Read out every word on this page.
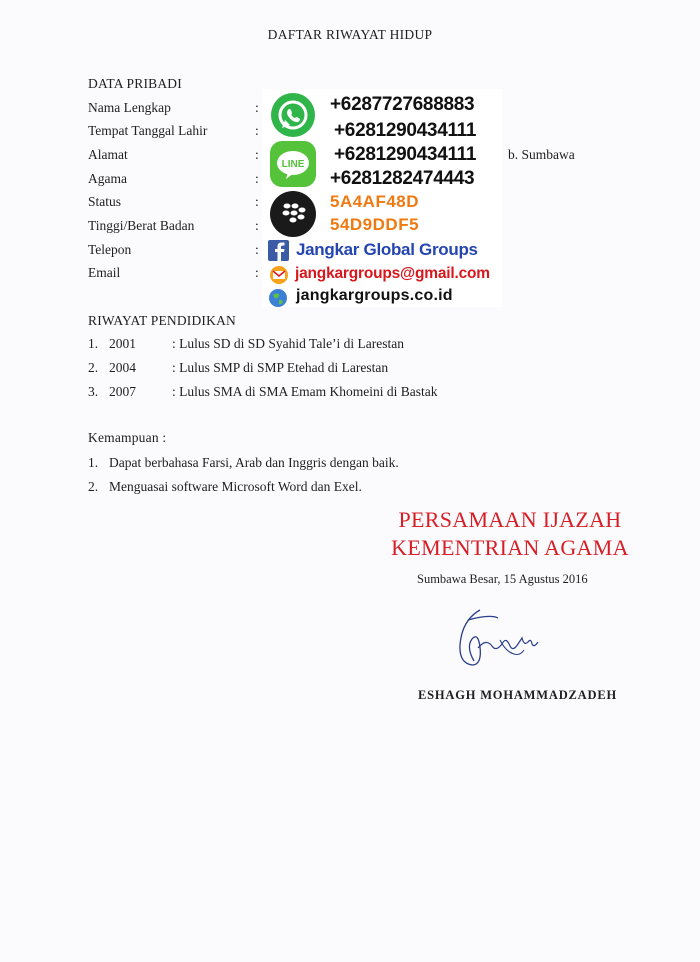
DAFTAR RIWAYAT HIDUP
DATA PRIBADI
Nama Lengkap	:
Tempat Tanggal Lahir	:
Alamat	:	b. Sumbawa
Agama	:
Status	:
Tinggi/Berat Badan	:
Telepon	:
Email	:
+6287727688883
+6281290434111
LINE +6281290434111
+6281282474443
5A4AF48D
54D9DDF5
Jangkar Global Groups
jangkargroups@gmail.com
jangkargroups.co.id
RIWAYAT PENDIDIKAN
1. 2001	: Lulus SD di SD Syahid Tale’i di Larestan
2. 2004	: Lulus SMP di SMP Etehad di Larestan
3. 2007	: Lulus SMA di SMA Emam Khomeini di Bastak
Kemampuan :
1. Dapat berbahasa Farsi, Arab dan Inggris dengan baik.
2. Menguasai software Microsoft Word dan Exel.
PERSAMAAN IJAZAH
KEMENTRIAN AGAMA
Sumbawa Besar, 15 Agustus 2016
ESHAGH MOHAMMADZADEH
